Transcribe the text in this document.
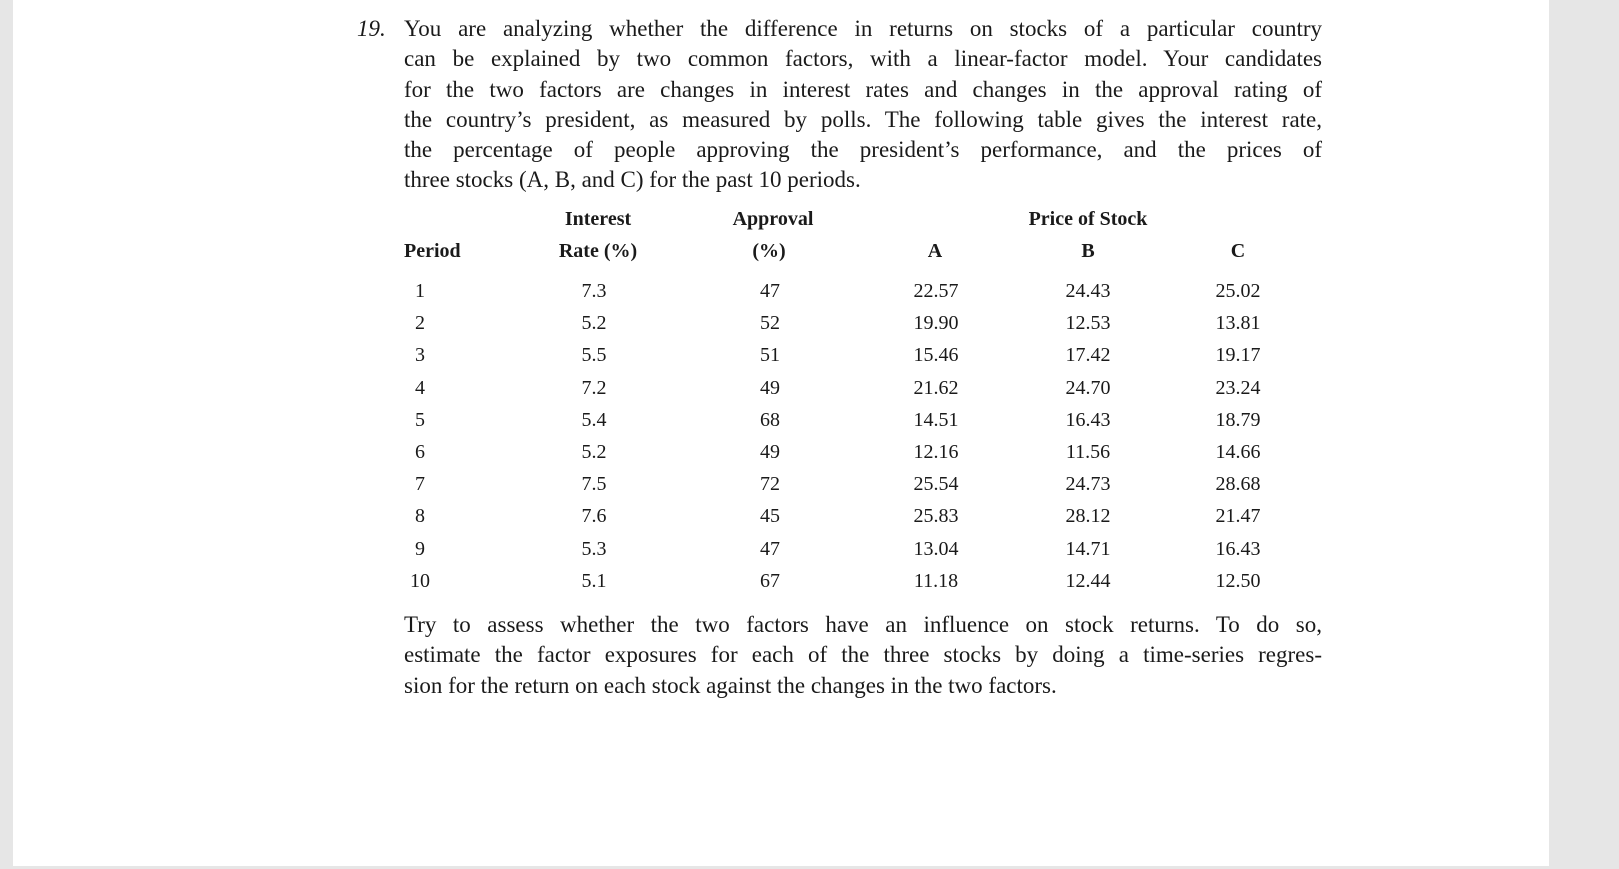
19. You are analyzing whether the difference in returns on stocks of a particular country
can be explained by two common factors, with a linear-factor model. Your candidates
for the two factors are changes in interest rates and changes in the approval rating of
the country’s president, as measured by polls. The following table gives the interest rate,
the percentage of people approving the president’s performance, and the prices of
three stocks (A, B, and C) for the past 10 periods.

Interest	Approval	Price of Stock
Period	Rate (%)	(%)	A	B	C
1	7.3	47	22.57	24.43	25.02
2	5.2	52	19.90	12.53	13.81
3	5.5	51	15.46	17.42	19.17
4	7.2	49	21.62	24.70	23.24
5	5.4	68	14.51	16.43	18.79
6	5.2	49	12.16	11.56	14.66
7	7.5	72	25.54	24.73	28.68
8	7.6	45	25.83	28.12	21.47
9	5.3	47	13.04	14.71	16.43
10	5.1	67	11.18	12.44	12.50

Try to assess whether the two factors have an influence on stock returns. To do so,
estimate the factor exposures for each of the three stocks by doing a time-series regres-
sion for the return on each stock against the changes in the two factors.
